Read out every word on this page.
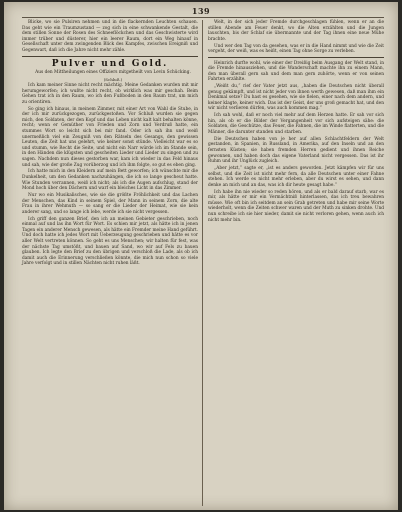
139

Blicke, wo sie Pulsiren nehmen und in die flackernden Leuchten schauen. Das geht wie ein Traumzustand — zog sich in eine schwankende Gestalt, die dem stillen Sonne der Rosen des Schneeflöckchen und das Geschwisterte wird immer trüber und düsterer, hier ein leerer Raum, dort ein Weg hinauf in Gesellschaft unter dem zwingenden Blick des Kampfes, zwischen Ereigniß und Gegenwart, daß ich die Jahre nicht mehr zähle.

Pulver und Gold.

Aus den Mittheilungen eines Offiziers mitgetheilt von Levin Schücking.

(Schluß.)

Ich kam meiner Sinne nicht recht mächtig. Meine Gedanken wurden mit mir herumgeworfen; ich wußte nicht recht, ob wirklich was mir geschah. Beim Gehen trat ich in den Raum, wo ich den Fußboden in den Raum trat, um mich zu orientiren.

So ging ich hinaus, in meinem Zimmer, mit einer Art von Wahl die Stube, in der ich mir zurückgezogen, zurückgestoßen. Vor Schluß wurden sie gegen mich, den Soldaten, der den Kopf und das Leben nicht kalt kalt behalten könne, recht; wenn er Gemüther von Frieden und Zorn und Verdruß hatte, ein stummes Wort so leicht sich bei mir fand. Oder ich sah ihn und weiß unermeßlich viel ein Zeugniß von den Rätseln des Gesangs, den gewissen Leuten, die Zeit hat uns gelehrt, wie keiner sonst stünde. Vielleicht war es so und stumm, wie Recht die Seite, und nicht ein Narr würde ich im Stande sein, in den Händen die klügsten und gescheiten Lieder und Lieder zu singen und zu sagen. Nachdem nun dieses gestorben war, kam ich wieder in das Feld hinaus und sah, wie der große Zug vorüberzog und ich ihm folgte, so gut es eben ging.

Ich hatte mich in den Kleidern auf mein Bett geworfen; ich wünschte mir die Dunkelheit, um den Gedanken nachzuhängen, die ich so lange gescheut hatte. Wie Stunden verrannen, weiß ich nicht; als ich die Augen aufschlug, stand der Mond hoch über den Dächern und warf ein bleiches Licht in das Zimmer.

Nur wo ein Musikalisches, wie sie die größte Fröhlichkeit und das Lachen der Menschen, das Kind in seinem Spiel, der Mann in seinem Zorn, die alte Frau in ihrer Wehmuth — so sang er die Lieder der Heimat, wie sie kein anderer sang, und so lange ich lebe, werde ich sie nicht vergessen.

Ich griff den ganzen Brief, den ich an meinen Gebieter geschrieben, noch einmal auf und las ihn Wort für Wort. Es schien mir jetzt, als hätte ich in jenen Tagen ein anderer Mensch gewesen, als hätte ein Fremder meine Hand geführt. Und doch hatte ich jedes Wort mit Ueberzeugung geschrieben und hätte es vor aller Welt vertreten können. So geht es uns Menschen; wir halten für fest, was der nächste Tag umstößt, und bauen auf Sand, wo wir auf Fels zu bauen glauben. Ich legte den Brief zu den übrigen und verschloß die Lade, als ob ich damit auch die Erinnerung verschließen könnte, die mich nun schon so viele Jahre verfolgt und in stillen Nächten nicht ruhen läßt.

Welt, in der sich jeder Fremde durchgeschlagen fühlen, wenn er an die stillen Abende am Feuer denkt, wo die Alten erzählten und die Jungen lauschten, bis der Schlaf sie übermannte und der Tag ihnen eine neue Mühe brachte.

Und wer den Tag von da gesehen, was er in die Hand nimmt und wie die Zeit vergeht, der weiß, was es heißt, einen Tag ohne Sorge zu verleben.

Heinrich durfte wohl, wie einer der Dreißig beim Ausgang der Welt stand, in die Fremde hinausziehen, und die Wanderschaft machte ihn zu einem Mann, den man überall gern sah und dem man gern zuhörte, wenn er von seinen Fahrten erzählte.

„Weißt du,“ rief der Vater jetzt aus, „haben die Deutschen nicht überall genug gekämpft, und ist nicht jeder von ihnen werth gewesen, daß man ihm ein Denkmal setze? Du hast es gesehen, wie sie fielen, einer nach dem andern, und keiner klagte, keiner wich. Das ist der Geist, der uns groß gemacht hat, und den wir nicht verlieren dürfen, was auch kommen mag.“

Ich sah wohl, daß er noch viel mehr auf dem Herzen hatte. Er sah vor sich hin, als ob er die Bilder der Vergangenheit vor sich aufsteigen sähe: die Soldaten, die Geschütze, das Feuer, die Fahnen, die im Winde flatterten, und die Männer, die darunter standen und starben.

Die Deutschen haben von je her auf allen Schlachtfeldern der Welt gestanden, in Spanien, in Russland, in Amerika, auf den Inseln und an den fernsten Küsten; sie haben fremden Herren gedient und ihnen Reiche gewonnen, und haben doch das eigene Vaterland nicht vergessen. Das ist ihr Ruhm und ihr Unglück zugleich.

„Aber jetzt,“ sagte er, „ist es anders geworden. Jetzt kämpfen wir für uns selbst, und die Zeit ist nicht mehr fern, da alle Deutschen unter einer Fahne stehen. Ich werde es nicht mehr erleben, aber du wirst es sehen, und dann denke an mich und an das, was ich dir heute gesagt habe.“

Ich habe ihn nie wieder so reden hören, und als er bald darauf starb, war es mir, als hätte er mir ein Vermächtniß hinterlassen, das ich treu bewahren müsse. Wie oft bin ich seitdem an sein Grab getreten und habe mir seine Worte wiederholt, wenn die Zeiten schwer waren und der Muth zu sinken drohte. Und nun schreibe ich sie hier nieder, damit sie nicht verloren gehen, wenn auch ich nicht mehr bin.
